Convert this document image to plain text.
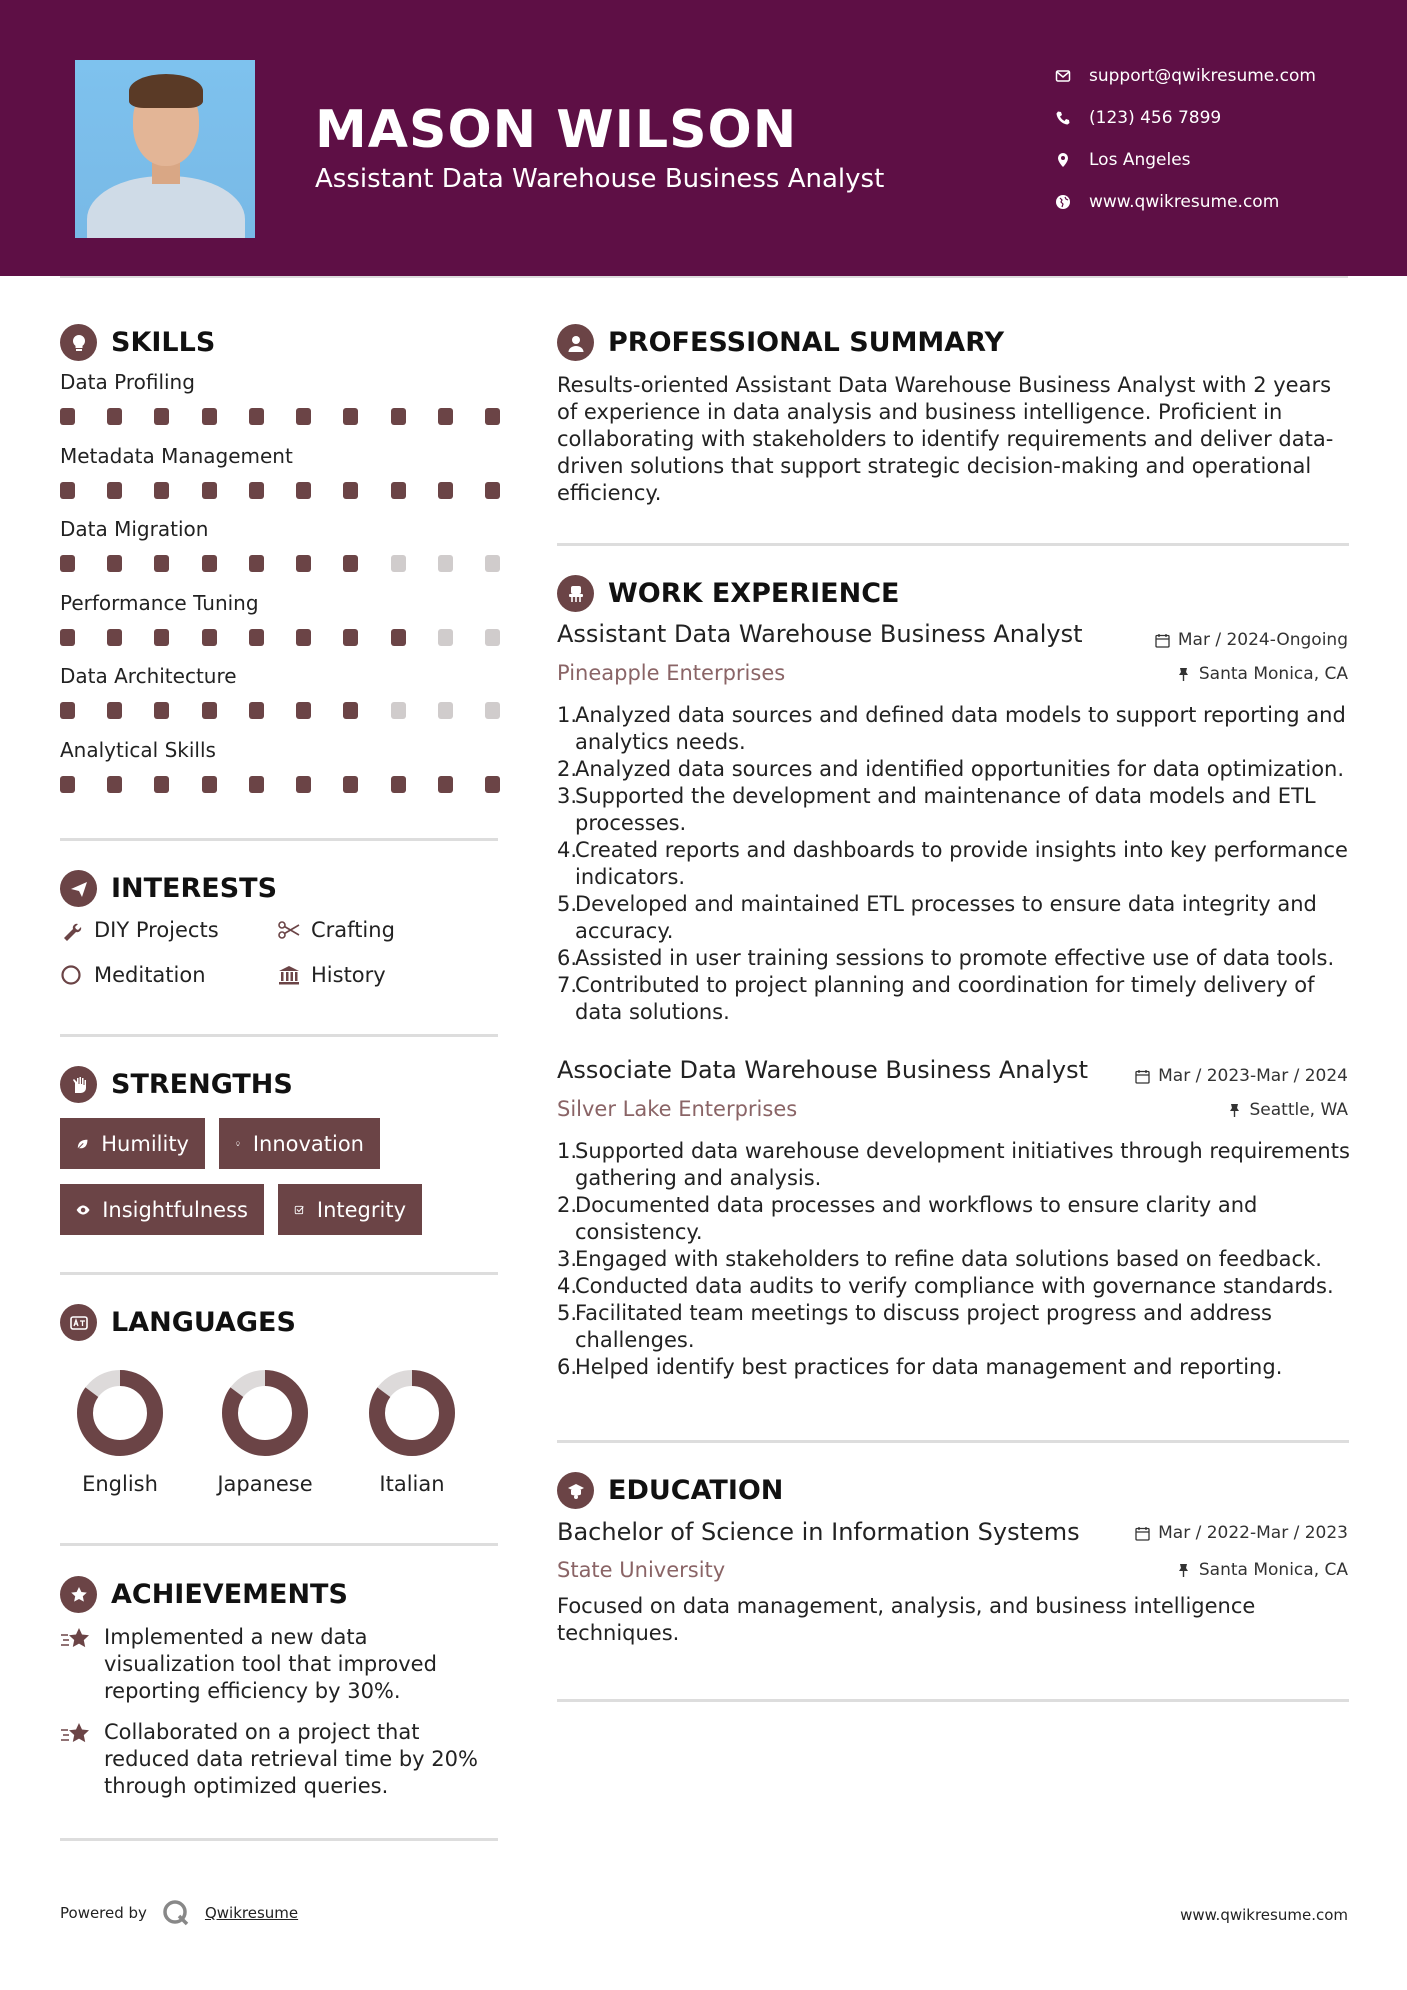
MASON WILSON
Assistant Data Warehouse Business Analyst
support@qwikresume.com
(123) 456 7899
Los Angeles
www.qwikresume.com
SKILLS
Data Profiling
Metadata Management
Data Migration
Performance Tuning
Data Architecture
Analytical Skills
INTERESTS
DIY Projects	Crafting
Meditation	History
STRENGTHS
Humility	Innovation
Insightfulness	Integrity
LANGUAGES
English	Japanese	Italian
ACHIEVEMENTS
Implemented a new data visualization tool that improved reporting efficiency by 30%.
Collaborated on a project that reduced data retrieval time by 20% through optimized queries.
PROFESSIONAL SUMMARY
Results-oriented Assistant Data Warehouse Business Analyst with 2 years of experience in data analysis and business intelligence. Proficient in collaborating with stakeholders to identify requirements and deliver data-driven solutions that support strategic decision-making and operational efficiency.
WORK EXPERIENCE
Assistant Data Warehouse Business Analyst	Mar / 2024-Ongoing
Pineapple Enterprises	Santa Monica, CA
1.
Analyzed data sources and defined data models to support reporting and analytics needs.
2.
Analyzed data sources and identified opportunities for data optimization.
3.
Supported the development and maintenance of data models and ETL processes.
4.
Created reports and dashboards to provide insights into key performance indicators.
5.
Developed and maintained ETL processes to ensure data integrity and accuracy.
6.
Assisted in user training sessions to promote effective use of data tools.
7.
Contributed to project planning and coordination for timely delivery of data solutions.
Associate Data Warehouse Business Analyst	Mar / 2023-Mar / 2024
Silver Lake Enterprises	Seattle, WA
1.
Supported data warehouse development initiatives through requirements gathering and analysis.
2.
Documented data processes and workflows to ensure clarity and consistency.
3.
Engaged with stakeholders to refine data solutions based on feedback.
4.
Conducted data audits to verify compliance with governance standards.
5.
Facilitated team meetings to discuss project progress and address challenges.
6.
Helped identify best practices for data management and reporting.
EDUCATION
Bachelor of Science in Information Systems	Mar / 2022-Mar / 2023
State University	Santa Monica, CA
Focused on data management, analysis, and business intelligence techniques.
Powered by	Qwikresume	www.qwikresume.com
